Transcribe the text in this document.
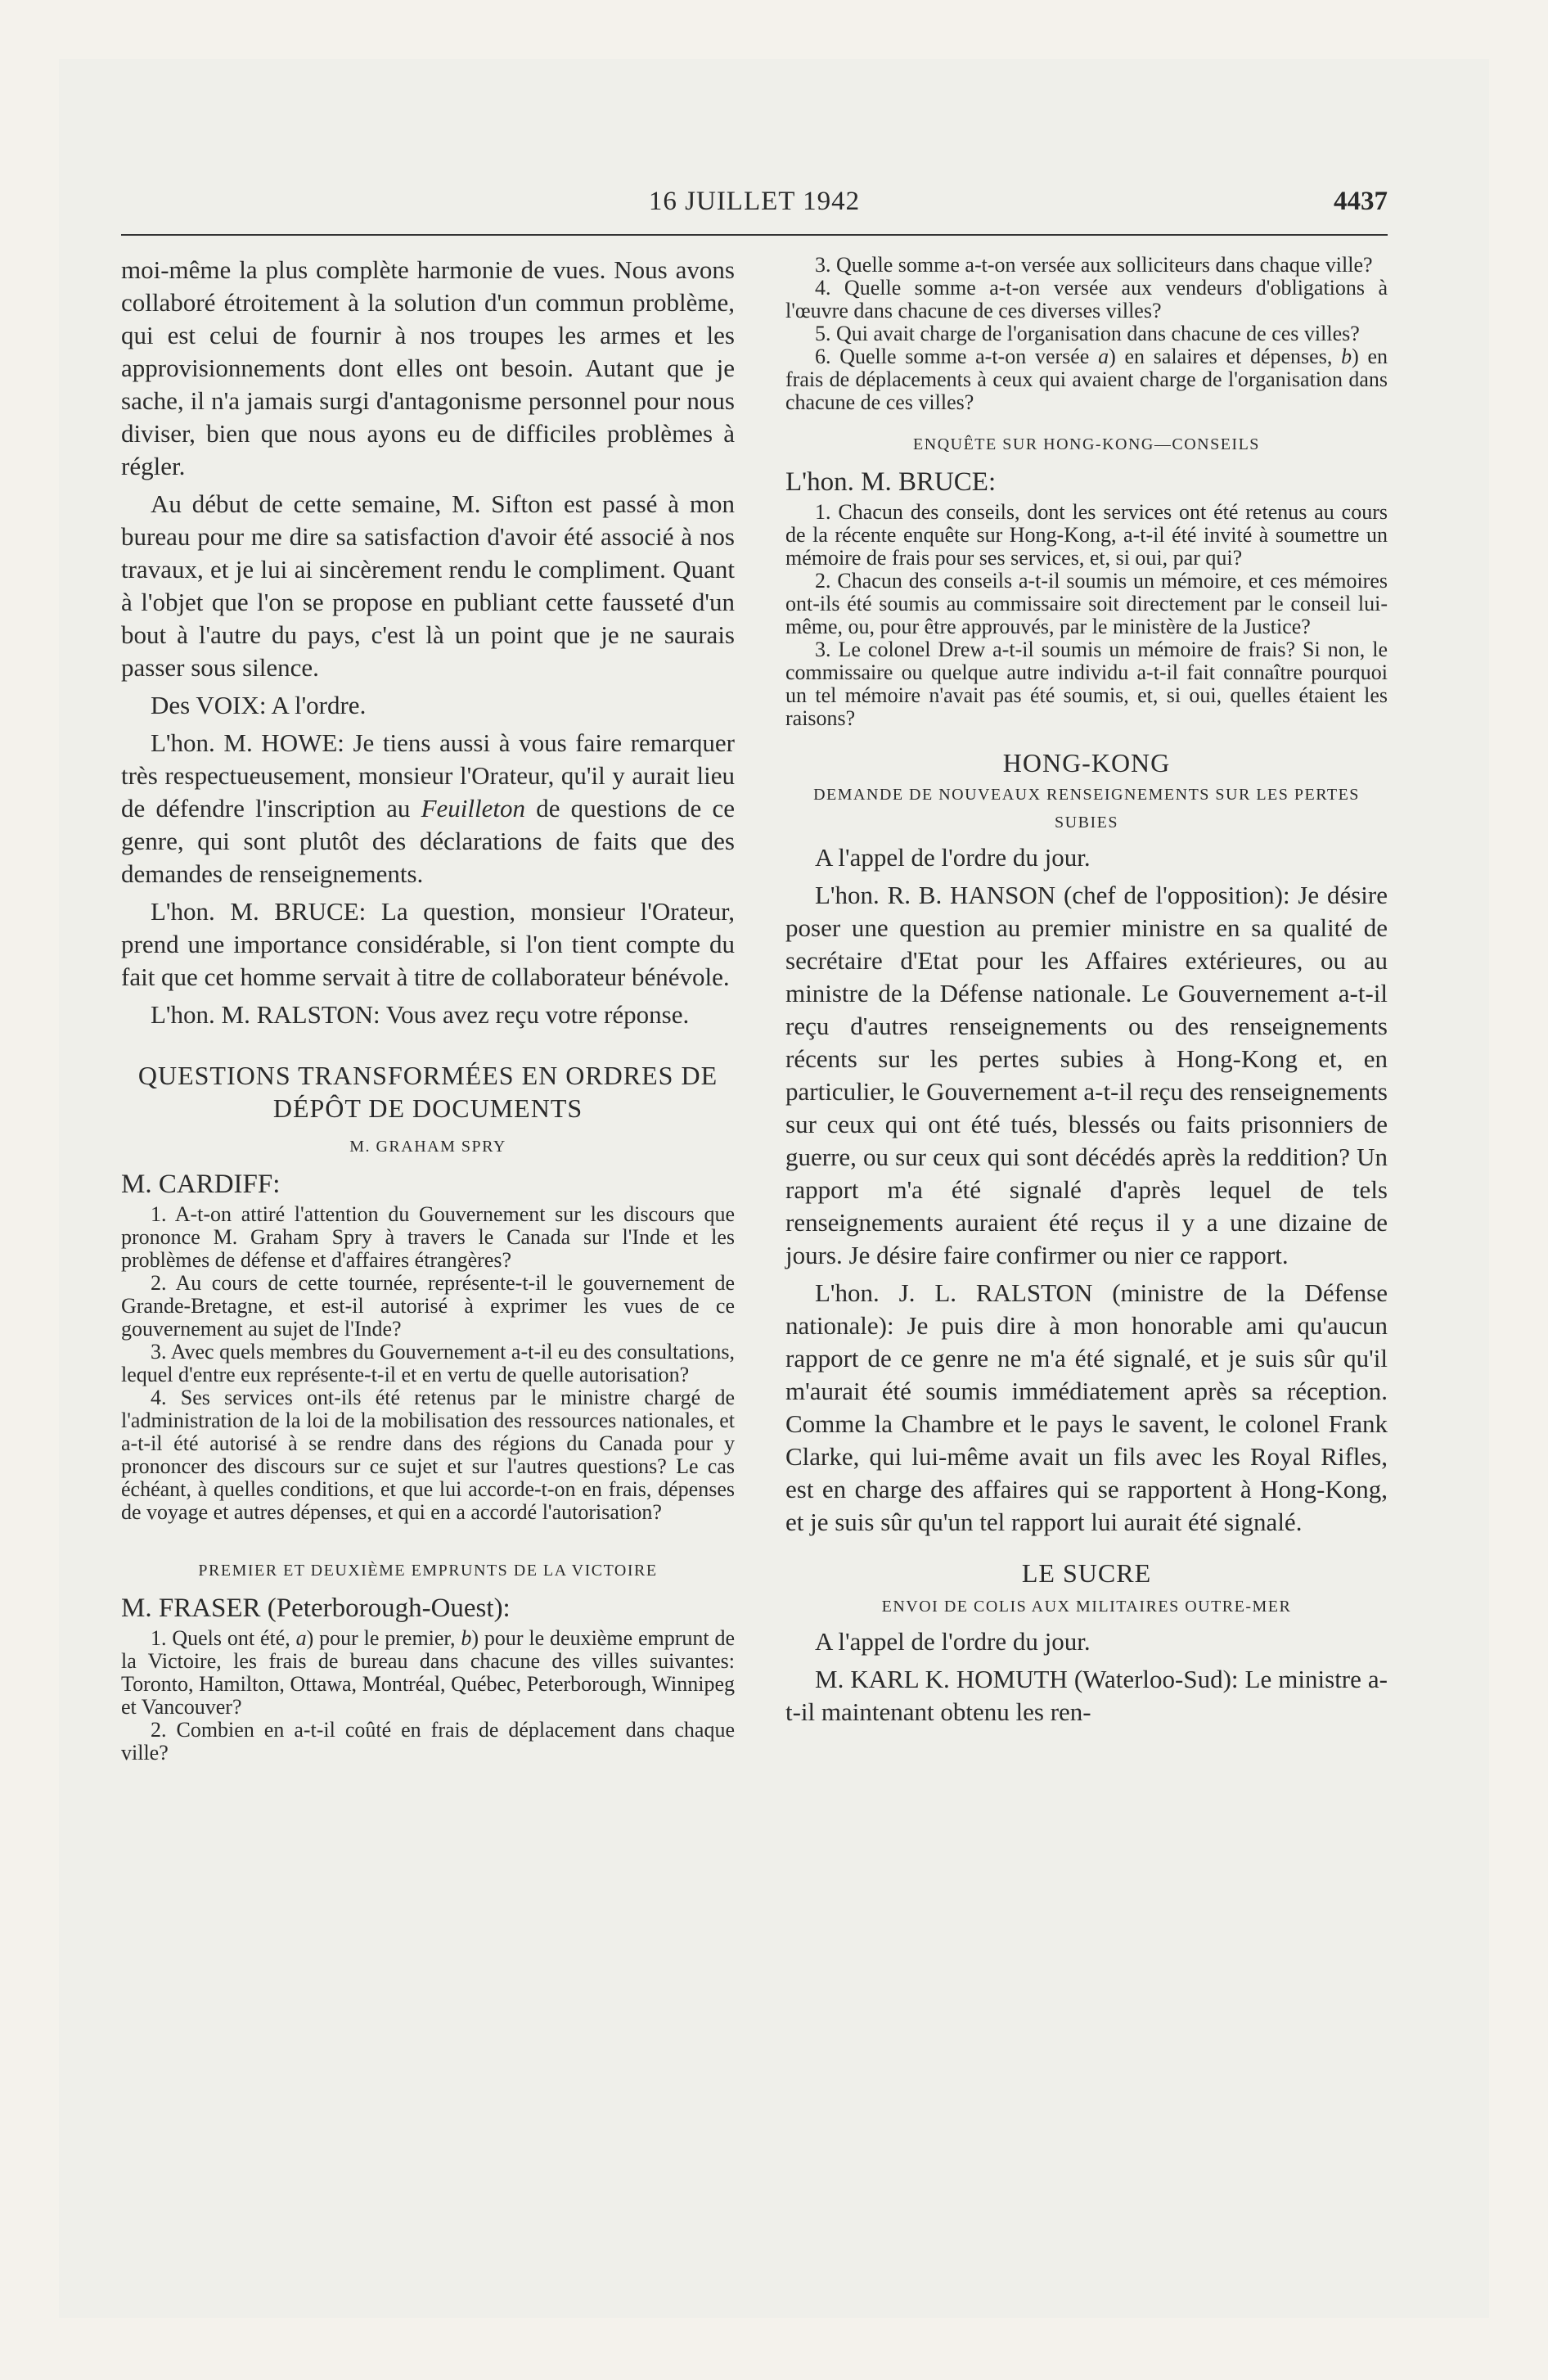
16 JUILLET 1942	4437

moi-même la plus complète harmonie de vues. Nous avons collaboré étroitement à la solution d'un commun problème, qui est celui de fournir à nos troupes les armes et les approvisionnements dont elles ont besoin. Autant que je sache, il n'a jamais surgi d'antagonisme personnel pour nous diviser, bien que nous ayons eu de difficiles problèmes à régler.

Au début de cette semaine, M. Sifton est passé à mon bureau pour me dire sa satisfaction d'avoir été associé à nos travaux, et je lui ai sincèrement rendu le compliment. Quant à l'objet que l'on se propose en publiant cette fausseté d'un bout à l'autre du pays, c'est là un point que je ne saurais passer sous silence.

Des VOIX: A l'ordre.

L'hon. M. HOWE: Je tiens aussi à vous faire remarquer très respectueusement, monsieur l'Orateur, qu'il y aurait lieu de défendre l'inscription au Feuilleton de questions de ce genre, qui sont plutôt des déclarations de faits que des demandes de renseignements.

L'hon. M. BRUCE: La question, monsieur l'Orateur, prend une importance considérable, si l'on tient compte du fait que cet homme servait à titre de collaborateur bénévole.

L'hon. M. RALSTON: Vous avez reçu votre réponse.

QUESTIONS TRANSFORMÉES EN ORDRES DE DÉPÔT DE DOCUMENTS
M. GRAHAM SPRY
M. CARDIFF:

1. A-t-on attiré l'attention du Gouvernement sur les discours que prononce M. Graham Spry à travers le Canada sur l'Inde et les problèmes de défense et d'affaires étrangères?

2. Au cours de cette tournée, représente-t-il le gouvernement de Grande-Bretagne, et est-il autorisé à exprimer les vues de ce gouvernement au sujet de l'Inde?

3. Avec quels membres du Gouvernement a-t-il eu des consultations, lequel d'entre eux représente-t-il et en vertu de quelle autorisation?

4. Ses services ont-ils été retenus par le ministre chargé de l'administration de la loi de la mobilisation des ressources nationales, et a-t-il été autorisé à se rendre dans des régions du Canada pour y prononcer des discours sur ce sujet et sur l'autres questions? Le cas échéant, à quelles conditions, et que lui accorde-t-on en frais, dépenses de voyage et autres dépenses, et qui en a accordé l'autorisation?

PREMIER ET DEUXIÈME EMPRUNTS DE LA VICTOIRE
M. FRASER (Peterborough-Ouest):

1. Quels ont été, a) pour le premier, b) pour le deuxième emprunt de la Victoire, les frais de bureau dans chacune des villes suivantes: Toronto, Hamilton, Ottawa, Montréal, Québec, Peterborough, Winnipeg et Vancouver?

2. Combien en a-t-il coûté en frais de déplacement dans chaque ville?

3. Quelle somme a-t-on versée aux solliciteurs dans chaque ville?

4. Quelle somme a-t-on versée aux vendeurs d'obligations à l'œuvre dans chacune de ces diverses villes?

5. Qui avait charge de l'organisation dans chacune de ces villes?

6. Quelle somme a-t-on versée a) en salaires et dépenses, b) en frais de déplacements à ceux qui avaient charge de l'organisation dans chacune de ces villes?

ENQUÊTE SUR HONG-KONG—CONSEILS
L'hon. M. BRUCE:

1. Chacun des conseils, dont les services ont été retenus au cours de la récente enquête sur Hong-Kong, a-t-il été invité à soumettre un mémoire de frais pour ses services, et, si oui, par qui?

2. Chacun des conseils a-t-il soumis un mémoire, et ces mémoires ont-ils été soumis au commissaire soit directement par le conseil lui-même, ou, pour être approuvés, par le ministère de la Justice?

3. Le colonel Drew a-t-il soumis un mémoire de frais? Si non, le commissaire ou quelque autre individu a-t-il fait connaître pourquoi un tel mémoire n'avait pas été soumis, et, si oui, quelles étaient les raisons?

HONG-KONG
DEMANDE DE NOUVEAUX RENSEIGNEMENTS SUR LES PERTES SUBIES

A l'appel de l'ordre du jour.

L'hon. R. B. HANSON (chef de l'opposition): Je désire poser une question au premier ministre en sa qualité de secrétaire d'Etat pour les Affaires extérieures, ou au ministre de la Défense nationale. Le Gouvernement a-t-il reçu d'autres renseignements ou des renseignements récents sur les pertes subies à Hong-Kong et, en particulier, le Gouvernement a-t-il reçu des renseignements sur ceux qui ont été tués, blessés ou faits prisonniers de guerre, ou sur ceux qui sont décédés après la reddition? Un rapport m'a été signalé d'après lequel de tels renseignements auraient été reçus il y a une dizaine de jours. Je désire faire confirmer ou nier ce rapport.

L'hon. J. L. RALSTON (ministre de la Défense nationale): Je puis dire à mon honorable ami qu'aucun rapport de ce genre ne m'a été signalé, et je suis sûr qu'il m'aurait été soumis immédiatement après sa réception. Comme la Chambre et le pays le savent, le colonel Frank Clarke, qui lui-même avait un fils avec les Royal Rifles, est en charge des affaires qui se rapportent à Hong-Kong, et je suis sûr qu'un tel rapport lui aurait été signalé.

LE SUCRE
ENVOI DE COLIS AUX MILITAIRES OUTRE-MER

A l'appel de l'ordre du jour.

M. KARL K. HOMUTH (Waterloo-Sud): Le ministre a-t-il maintenant obtenu les ren-
